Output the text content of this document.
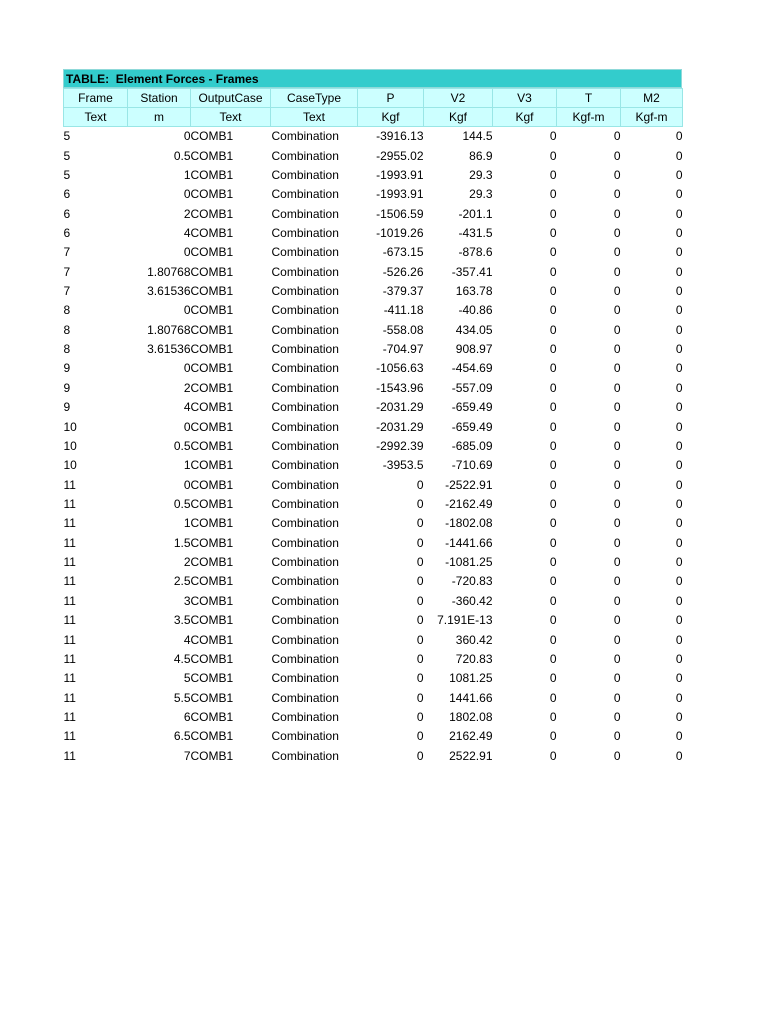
TABLE:  Element Forces - Frames
Frame	Station	OutputCase	CaseType	P	V2	V3	T	M2
Text	m	Text	Text	Kgf	Kgf	Kgf	Kgf-m	Kgf-m
5	0	COMB1	Combination	-3916.13	144.5	0	0	0
5	0.5	COMB1	Combination	-2955.02	86.9	0	0	0
5	1	COMB1	Combination	-1993.91	29.3	0	0	0
6	0	COMB1	Combination	-1993.91	29.3	0	0	0
6	2	COMB1	Combination	-1506.59	-201.1	0	0	0
6	4	COMB1	Combination	-1019.26	-431.5	0	0	0
7	0	COMB1	Combination	-673.15	-878.6	0	0	0
7	1.80768	COMB1	Combination	-526.26	-357.41	0	0	0
7	3.61536	COMB1	Combination	-379.37	163.78	0	0	0
8	0	COMB1	Combination	-411.18	-40.86	0	0	0
8	1.80768	COMB1	Combination	-558.08	434.05	0	0	0
8	3.61536	COMB1	Combination	-704.97	908.97	0	0	0
9	0	COMB1	Combination	-1056.63	-454.69	0	0	0
9	2	COMB1	Combination	-1543.96	-557.09	0	0	0
9	4	COMB1	Combination	-2031.29	-659.49	0	0	0
10	0	COMB1	Combination	-2031.29	-659.49	0	0	0
10	0.5	COMB1	Combination	-2992.39	-685.09	0	0	0
10	1	COMB1	Combination	-3953.5	-710.69	0	0	0
11	0	COMB1	Combination	0	-2522.91	0	0	0
11	0.5	COMB1	Combination	0	-2162.49	0	0	0
11	1	COMB1	Combination	0	-1802.08	0	0	0
11	1.5	COMB1	Combination	0	-1441.66	0	0	0
11	2	COMB1	Combination	0	-1081.25	0	0	0
11	2.5	COMB1	Combination	0	-720.83	0	0	0
11	3	COMB1	Combination	0	-360.42	0	0	0
11	3.5	COMB1	Combination	0	7.191E-13	0	0	0
11	4	COMB1	Combination	0	360.42	0	0	0
11	4.5	COMB1	Combination	0	720.83	0	0	0
11	5	COMB1	Combination	0	1081.25	0	0	0
11	5.5	COMB1	Combination	0	1441.66	0	0	0
11	6	COMB1	Combination	0	1802.08	0	0	0
11	6.5	COMB1	Combination	0	2162.49	0	0	0
11	7	COMB1	Combination	0	2522.91	0	0	0
